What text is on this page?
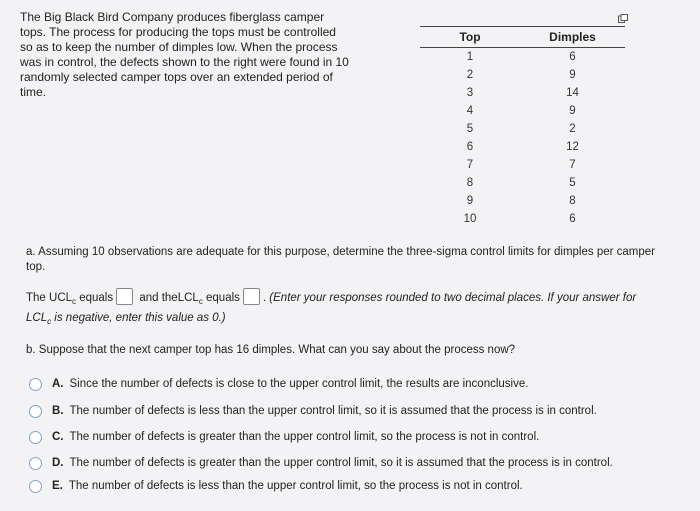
The Big Black Bird Company produces fiberglass camper tops. The process for producing the tops must be controlled so as to keep the number of dimples low. When the process was in control, the defects shown to the right were found in 10 randomly selected camper tops over an extended period of time.
Top	Dimples
1	6
2	9
3	14
4	9
5	2
6	12
7	7
8	5
9	8
10	6
a. Assuming 10 observations are adequate for this purpose, determine the three-sigma control limits for dimples per camper top.
The $UCL_c$ equals and theLCL$_c$ equals . (Enter your responses rounded to two decimal places. If your answer for
$LCL_c$ is negative, enter this value as 0.)
b. Suppose that the next camper top has 16 dimples. What can you say about the process now?
A. Since the number of defects is close to the upper control limit, the results are inconclusive.
B. The number of defects is less than the upper control limit, so it is assumed that the process is in control.
C. The number of defects is greater than the upper control limit, so the process is not in control.
D. The number of defects is greater than the upper control limit, so it is assumed that the process is in control.
E. The number of defects is less than the upper control limit, so the process is not in control.
